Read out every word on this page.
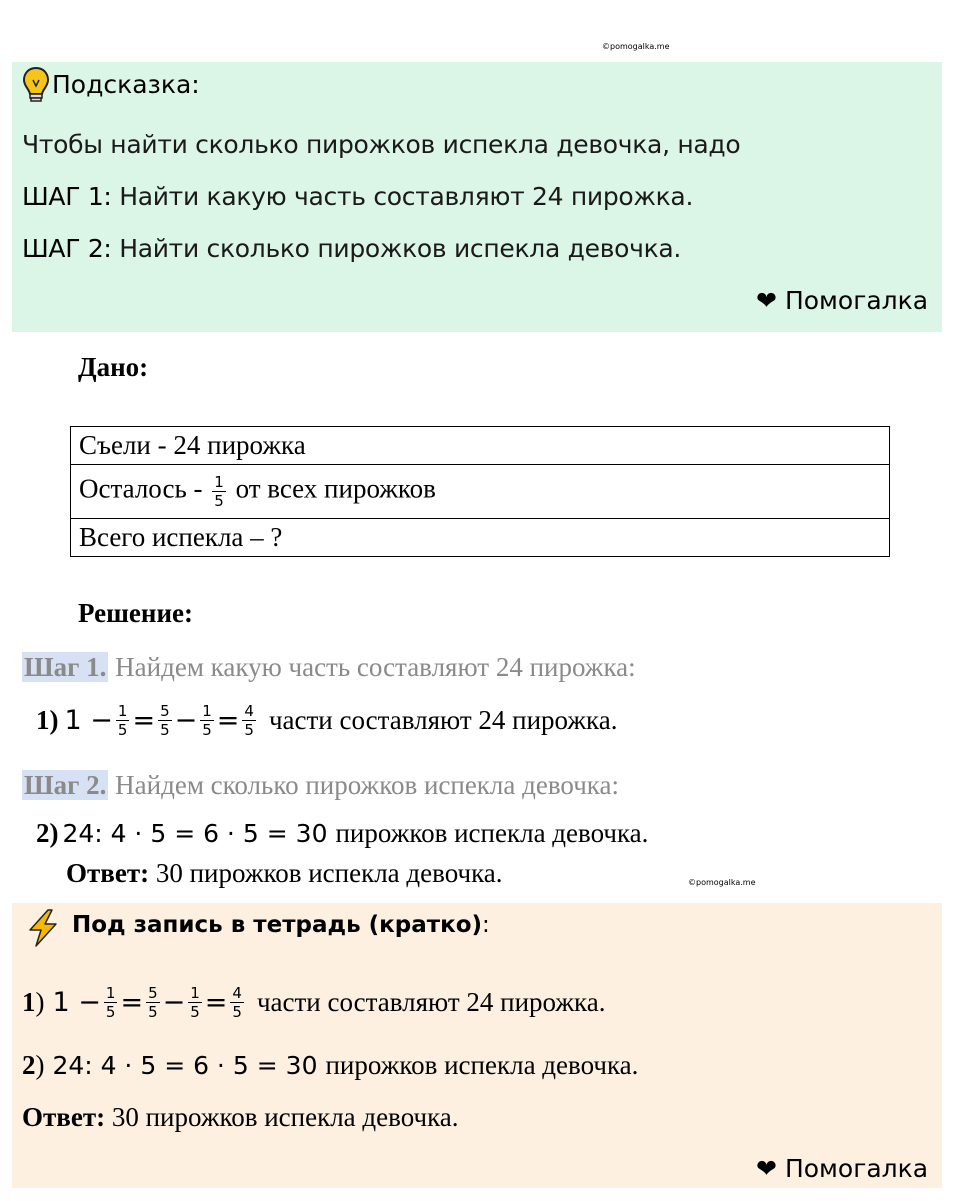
©pomogalka.me
Подсказка:
Чтобы найти сколько пирожков испекла девочка, надо
ШАГ 1: Найти какую часть составляют 24 пирожка.
ШАГ 2: Найти сколько пирожков испекла девочка.
❤ Помогалка
Дано:
Съели - 24 пирожка
Осталось - $\frac{1}{5}$ от всех пирожков
Всего испекла – ?
Решение:
Шаг 1. Найдем какую часть составляют 24 пирожка:
1) $1 - \frac{1}{5} = \frac{5}{5} - \frac{1}{5} = \frac{4}{5}$ части составляют 24 пирожка.
Шаг 2. Найдем сколько пирожков испекла девочка:
2) 24: 4 ⋅ 5 = 6 ⋅ 5 = 30 пирожков испекла девочка.
Ответ: 30 пирожков испекла девочка.	©pomogalka.me
Под запись в тетрадь (кратко):
1 ) $1 - \frac{1}{5} = \frac{5}{5} - \frac{1}{5} = \frac{4}{5}$ части составляют 24 пирожка.
2 ) 24: 4 ⋅ 5 = 6 ⋅ 5 = 30 пирожков испекла девочка.
Ответ: 30 пирожков испекла девочка.
❤ Помогалка
